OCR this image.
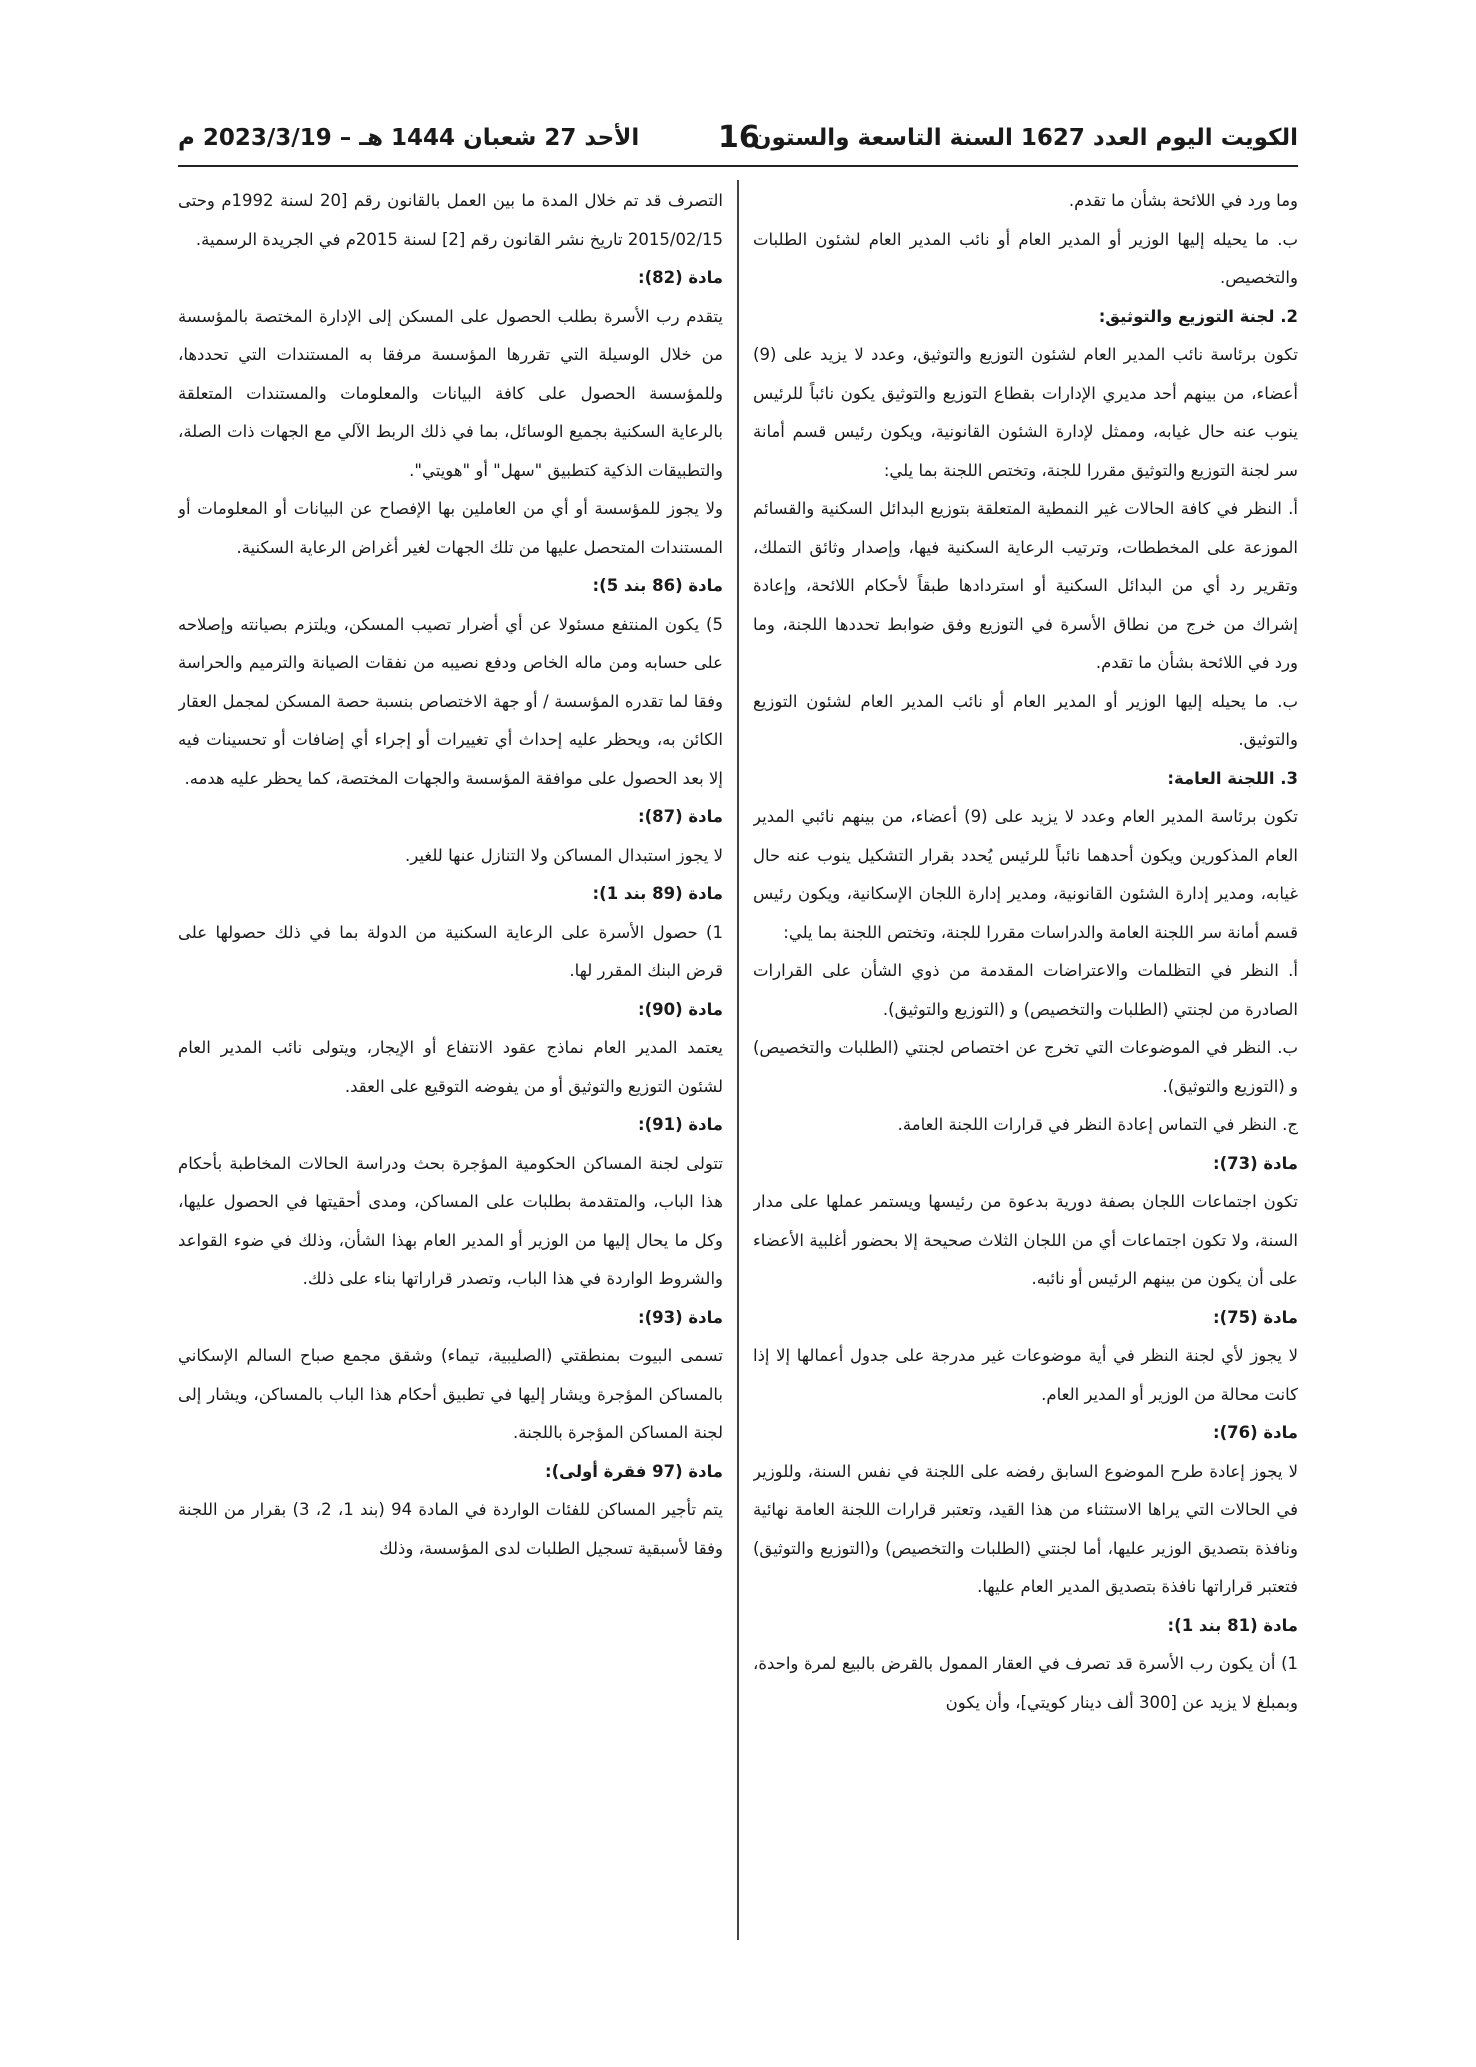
الكويت اليوم العدد 1627 السنة التاسعة والستون
16
الأحد 27 شعبان 1444 هـ – 2023/3/19 م

وما ورد في اللائحة بشأن ما تقدم.

ب. ما يحيله إليها الوزير أو المدير العام أو نائب المدير العام لشئون الطلبات والتخصيص.

2. لجنة التوزيع والتوثيق:

تكون برئاسة نائب المدير العام لشئون التوزيع والتوثيق، وعدد لا يزيد على (9) أعضاء، من بينهم أحد مديري الإدارات بقطاع التوزيع والتوثيق يكون نائباً للرئيس ينوب عنه حال غيابه، وممثل لإدارة الشئون القانونية، ويكون رئيس قسم أمانة سر لجنة التوزيع والتوثيق مقررا للجنة، وتختص اللجنة بما يلي:

أ. النظر في كافة الحالات غير النمطية المتعلقة بتوزيع البدائل السكنية والقسائم الموزعة على المخططات، وترتيب الرعاية السكنية فيها، وإصدار وثائق التملك، وتقرير رد أي من البدائل السكنية أو استردادها طبقاً لأحكام اللائحة، وإعادة إشراك من خرج من نطاق الأسرة في التوزيع وفق ضوابط تحددها اللجنة، وما ورد في اللائحة بشأن ما تقدم.

ب. ما يحيله إليها الوزير أو المدير العام أو نائب المدير العام لشئون التوزيع والتوثيق.

3. اللجنة العامة:

تكون برئاسة المدير العام وعدد لا يزيد على (9) أعضاء، من بينهم نائبي المدير العام المذكورين ويكون أحدهما نائباً للرئيس يُحدد بقرار التشكيل ينوب عنه حال غيابه، ومدير إدارة الشئون القانونية، ومدير إدارة اللجان الإسكانية، ويكون رئيس قسم أمانة سر اللجنة العامة والدراسات مقررا للجنة، وتختص اللجنة بما يلي:

أ. النظر في التظلمات والاعتراضات المقدمة من ذوي الشأن على القرارات الصادرة من لجنتي (الطلبات والتخصيص) و (التوزيع والتوثيق).

ب. النظر في الموضوعات التي تخرج عن اختصاص لجنتي (الطلبات والتخصيص) و (التوزيع والتوثيق).

ج. النظر في التماس إعادة النظر في قرارات اللجنة العامة.

مادة (73):

تكون اجتماعات اللجان بصفة دورية بدعوة من رئيسها ويستمر عملها على مدار السنة، ولا تكون اجتماعات أي من اللجان الثلاث صحيحة إلا بحضور أغلبية الأعضاء على أن يكون من بينهم الرئيس أو نائبه.

مادة (75):

لا يجوز لأي لجنة النظر في أية موضوعات غير مدرجة على جدول أعمالها إلا إذا كانت محالة من الوزير أو المدير العام.

مادة (76):

لا يجوز إعادة طرح الموضوع السابق رفضه على اللجنة في نفس السنة، وللوزير في الحالات التي يراها الاستثناء من هذا القيد، وتعتبر قرارات اللجنة العامة نهائية ونافذة بتصديق الوزير عليها، أما لجنتي (الطلبات والتخصيص) و(التوزيع والتوثيق) فتعتبر قراراتها نافذة بتصديق المدير العام عليها.

مادة (81 بند 1):

1) أن يكون رب الأسرة قد تصرف في العقار الممول بالقرض بالبيع لمرة واحدة، وبمبلغ لا يزيد عن [300 ألف دينار كويتي]، وأن يكون

التصرف قد تم خلال المدة ما بين العمل بالقانون رقم [20 لسنة 1992م وحتى 2015/02/15 تاريخ نشر القانون رقم [2] لسنة 2015م في الجريدة الرسمية.

مادة (82):

يتقدم رب الأسرة بطلب الحصول على المسكن إلى الإدارة المختصة بالمؤسسة من خلال الوسيلة التي تقررها المؤسسة مرفقا به المستندات التي تحددها، وللمؤسسة الحصول على كافة البيانات والمعلومات والمستندات المتعلقة بالرعاية السكنية بجميع الوسائل، بما في ذلك الربط الآلي مع الجهات ذات الصلة، والتطبيقات الذكية كتطبيق "سهل" أو "هويتي".

ولا يجوز للمؤسسة أو أي من العاملين بها الإفصاح عن البيانات أو المعلومات أو المستندات المتحصل عليها من تلك الجهات لغير أغراض الرعاية السكنية.

مادة (86 بند 5):

5) يكون المنتفع مسئولا عن أي أضرار تصيب المسكن، ويلتزم بصيانته وإصلاحه على حسابه ومن ماله الخاص ودفع نصيبه من نفقات الصيانة والترميم والحراسة وفقا لما تقدره المؤسسة / أو جهة الاختصاص بنسبة حصة المسكن لمجمل العقار الكائن به، ويحظر عليه إحداث أي تغييرات أو إجراء أي إضافات أو تحسينات فيه إلا بعد الحصول على موافقة المؤسسة والجهات المختصة، كما يحظر عليه هدمه.

مادة (87):

لا يجوز استبدال المساكن ولا التنازل عنها للغير.

مادة (89 بند 1):

1) حصول الأسرة على الرعاية السكنية من الدولة بما في ذلك حصولها على قرض البنك المقرر لها.

مادة (90):

يعتمد المدير العام نماذج عقود الانتفاع أو الإيجار، ويتولى نائب المدير العام لشئون التوزيع والتوثيق أو من يفوضه التوقيع على العقد.

مادة (91):

تتولى لجنة المساكن الحكومية المؤجرة بحث ودراسة الحالات المخاطبة بأحكام هذا الباب، والمتقدمة بطلبات على المساكن، ومدى أحقيتها في الحصول عليها، وكل ما يحال إليها من الوزير أو المدير العام بهذا الشأن، وذلك في ضوء القواعد والشروط الواردة في هذا الباب، وتصدر قراراتها بناء على ذلك.

مادة (93):

تسمى البيوت بمنطقتي (الصليبية، تيماء) وشقق مجمع صباح السالم الإسكاني بالمساكن المؤجرة ويشار إليها في تطبيق أحكام هذا الباب بالمساكن، ويشار إلى لجنة المساكن المؤجرة باللجنة.

مادة (97 فقرة أولى):

يتم تأجير المساكن للفئات الواردة في المادة 94 (بند 1، 2، 3) بقرار من اللجنة وفقا لأسبقية تسجيل الطلبات لدى المؤسسة، وذلك
